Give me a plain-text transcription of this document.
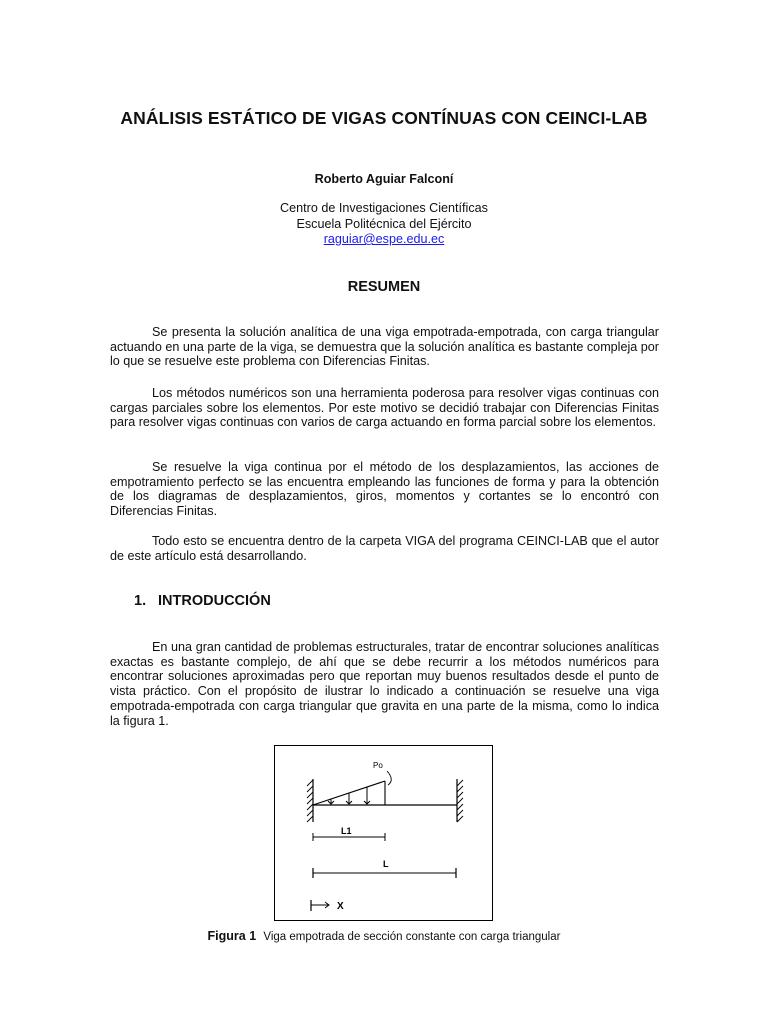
ANÁLISIS ESTÁTICO DE VIGAS CONTÍNUAS CON CEINCI-LAB
Roberto Aguiar Falconí
Centro de Investigaciones Científicas
Escuela Politécnica del Ejército
raguiar@espe.edu.ec
RESUMEN

Se presenta la solución analítica de una viga empotrada-empotrada, con carga triangular actuando en una parte de la viga, se demuestra que la solución analítica es bastante compleja por lo que se resuelve este problema con Diferencias Finitas.

Los métodos numéricos son una herramienta poderosa para resolver vigas continuas con cargas parciales sobre los elementos. Por este motivo se decidió trabajar con Diferencias Finitas para resolver vigas continuas con varios de carga actuando en forma parcial sobre los elementos.

Se resuelve la viga continua por el método de los desplazamientos, las acciones de empotramiento perfecto se las encuentra empleando las funciones de forma y para la obtención de los diagramas de desplazamientos, giros, momentos y cortantes se lo encontró con Diferencias Finitas.

Todo esto se encuentra dentro de la carpeta VIGA del programa CEINCI-LAB que el autor de este artículo está desarrollando.

1. INTRODUCCIÓN

En una gran cantidad de problemas estructurales, tratar de encontrar soluciones analíticas exactas es bastante complejo, de ahí que se debe recurrir a los métodos numéricos para encontrar soluciones aproximadas pero que reportan muy buenos resultados desde el punto de vista práctico. Con el propósito de ilustrar lo indicado a continuación se resuelve una viga empotrada-empotrada con carga triangular que gravita en una parte de la misma, como lo indica la figura 1.

Po
L1
L
X
Figura 1 Viga empotrada de sección constante con carga triangular
